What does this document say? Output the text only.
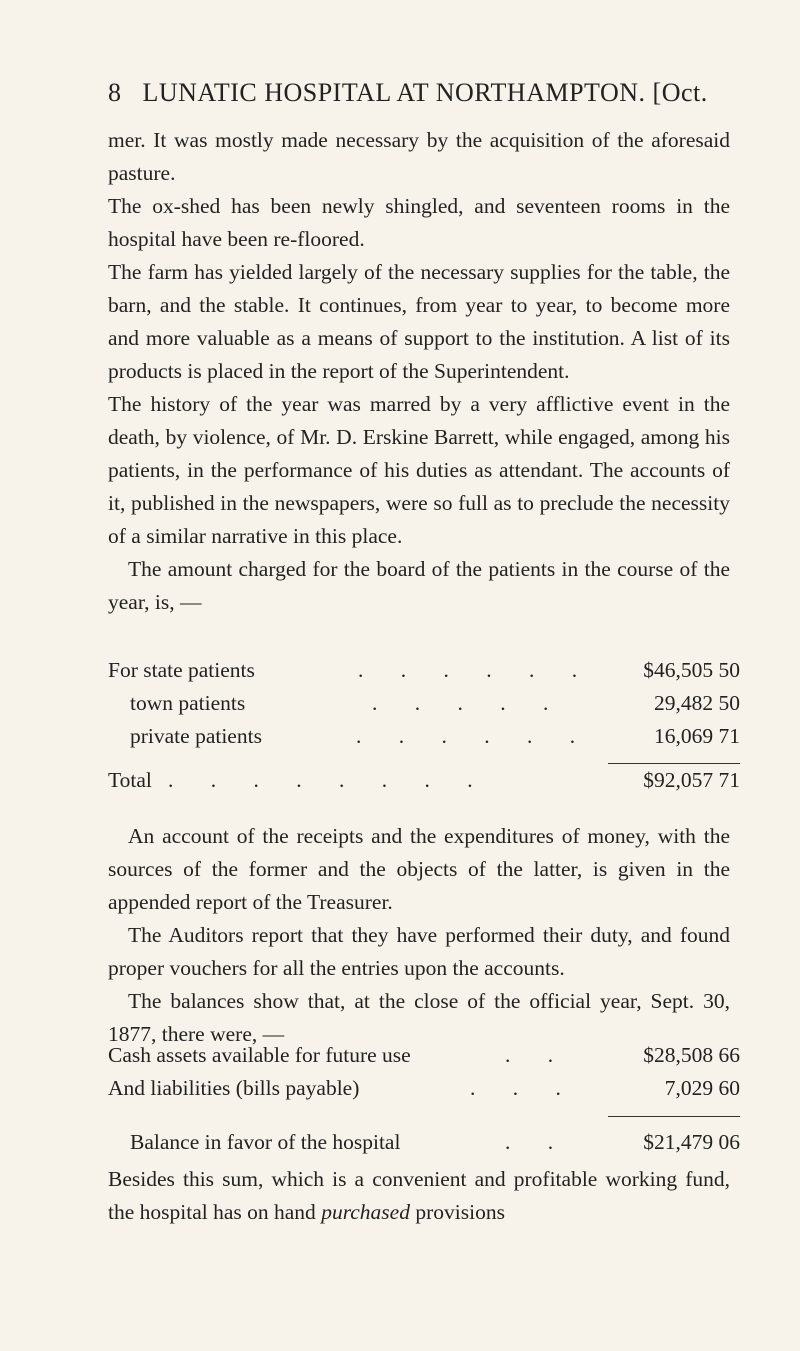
8 LUNATIC HOSPITAL AT NORTHAMPTON. [Oct.

mer. It was mostly made necessary by the acquisition of the aforesaid pasture.

The ox-shed has been newly shingled, and seventeen rooms in the hospital have been re-floored.

The farm has yielded largely of the necessary supplies for the table, the barn, and the stable. It continues, from year to year, to become more and more valuable as a means of support to the institution. A list of its products is placed in the report of the Superintendent.

The history of the year was marred by a very afflictive event in the death, by violence, of Mr. D. Erskine Barrett, while engaged, among his patients, in the performance of his duties as attendant. The accounts of it, published in the newspapers, were so full as to preclude the necessity of a similar narrative in this place.

The amount charged for the board of the patients in the course of the year, is, —

For state patients	. . . . . . $46,505 50
town patients	. . . . .	29,482 50
private patients	. . . . . .	16,069 71
Total . . . . . . . .	$92,057 71

An account of the receipts and the expenditures of money, with the sources of the former and the objects of the latter, is given in the appended report of the Treasurer.

The Auditors report that they have performed their duty, and found proper vouchers for all the entries upon the accounts.

The balances show that, at the close of the official year, Sept. 30, 1877, there were, —

Cash assets available for future use	. .	$28,508 66
And liabilities (bills payable)	. . .	7,029 60
Balance in favor of the hospital	. .	$21,479 06

Besides this sum, which is a convenient and profitable working fund, the hospital has on hand purchased provisions
